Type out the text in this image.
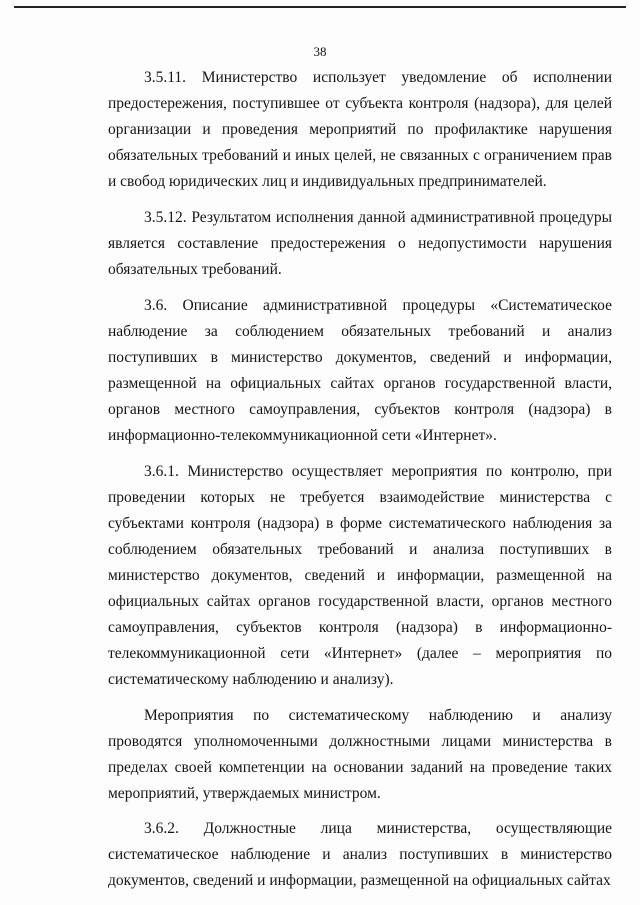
38

3.5.11. Министерство использует уведомление об исполнении предостережения, поступившее от субъекта контроля (надзора), для целей организации и проведения мероприятий по профилактике нарушения обязательных требований и иных целей, не связанных с ограничением прав и свобод юридических лиц и индивидуальных предпринимателей.

3.5.12. Результатом исполнения данной административной процедуры является составление предостережения о недопустимости нарушения обязательных требований.

3.6. Описание административной процедуры «Систематическое наблюдение за соблюдением обязательных требований и анализ поступивших в министерство документов, сведений и информации, размещенной на официальных сайтах органов государственной власти, органов местного самоуправления, субъектов контроля (надзора) в информационно-телекоммуникационной сети «Интернет».

3.6.1. Министерство осуществляет мероприятия по контролю, при проведении которых не требуется взаимодействие министерства с субъектами контроля (надзора) в форме систематического наблюдения за соблюдением обязательных требований и анализа поступивших в министерство документов, сведений и информации, размещенной на официальных сайтах органов государственной власти, органов местного самоуправления, субъектов контроля (надзора) в информационно-телекоммуникационной сети «Интернет» (далее – мероприятия по систематическому наблюдению и анализу).

Мероприятия по систематическому наблюдению и анализу проводятся уполномоченными должностными лицами министерства в пределах своей компетенции на основании заданий на проведение таких мероприятий, утверждаемых министром.

3.6.2. Должностные лица министерства, осуществляющие систематическое наблюдение и анализ поступивших в министерство документов, сведений и информации, размещенной на официальных сайтах
